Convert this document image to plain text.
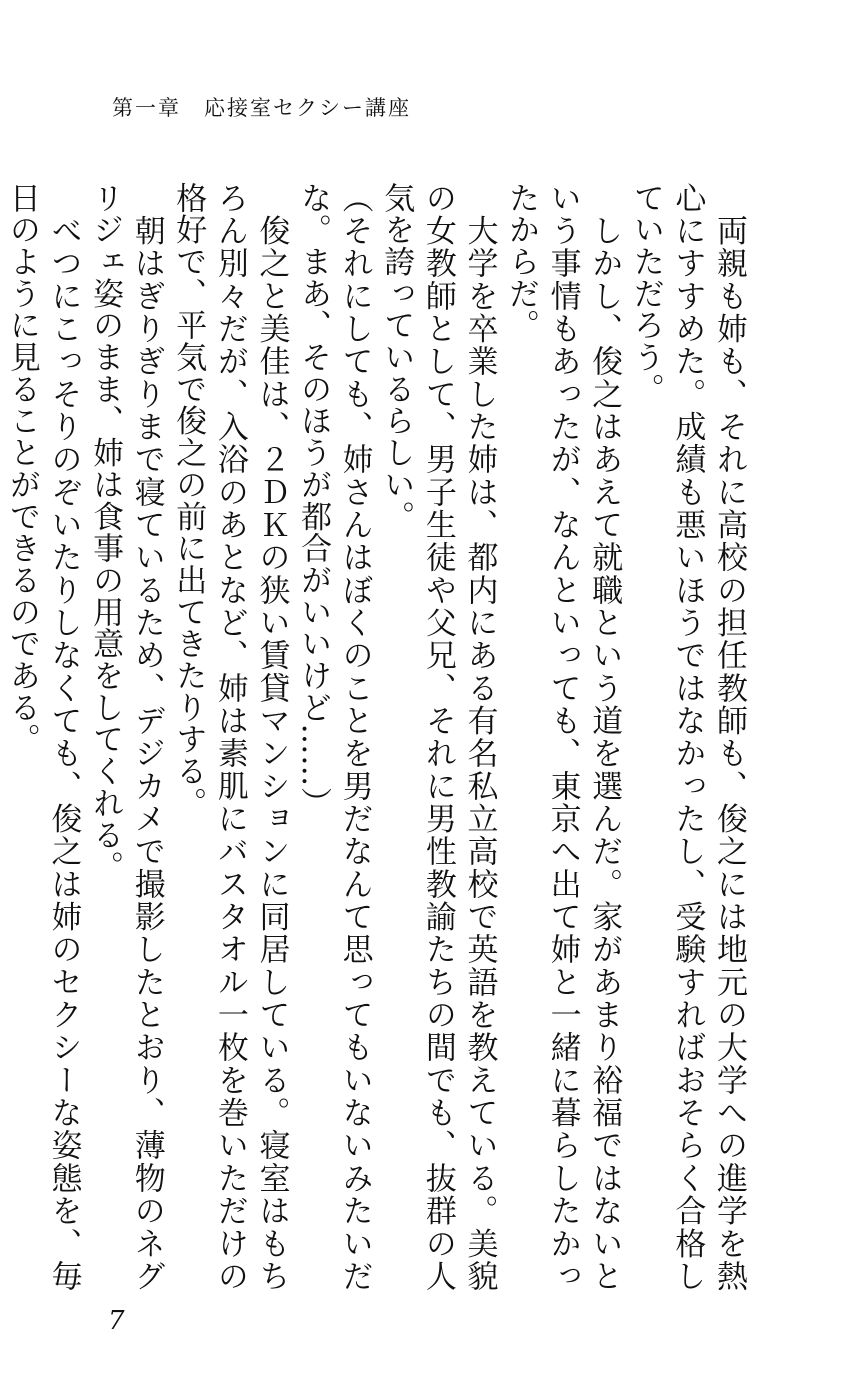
第一章　応接室セクシー講座

　両親も姉も、それに高校の担任教師も、俊之には地元の大学への進学を熱心にすすめた。成績も悪いほうではなかったし、受験すればおそらく合格していただろう。

　しかし、俊之はあえて就職という道を選んだ。家があまり裕福ではないという事情もあったが、なんといっても、東京へ出て姉と一緒に暮らしたかったからだ。

　大学を卒業した姉は、都内にある有名私立高校で英語を教えている。美貌の女教師として、男子生徒や父兄、それに男性教諭たちの間でも、抜群の人気を誇っているらしい。

（それにしても、姉さんはぼくのことを男だなんて思ってもいないみたいだな。まあ、そのほうが都合がいいけど……）

　俊之と美佳は、２ＤＫの狭い賃貸マンションに同居している。寝室はもちろん別々だが、入浴のあとなど、姉は素肌にバスタオル一枚を巻いただけの格好で、平気で俊之の前に出てきたりする。

　朝はぎりぎりまで寝ているため、デジカメで撮影したとおり、薄物のネグリジェ姿のまま、姉は食事の用意をしてくれる。

　べつにこっそりのぞいたりしなくても、俊之は姉のセクシーな姿態を、毎日のように見ることができるのである。

7
